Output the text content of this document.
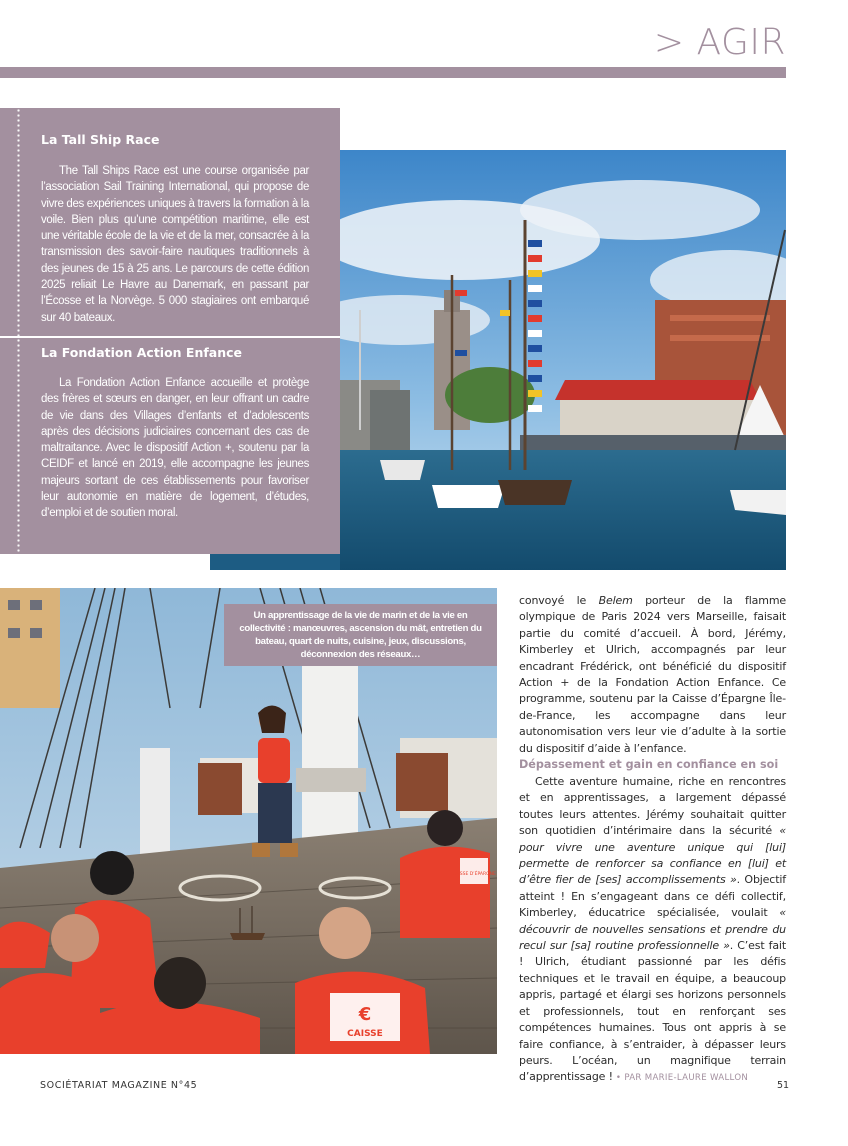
> AGIR
La Tall Ship Race

The Tall Ships Race est une course organisée par l’association Sail Training International, qui propose de vivre des expériences uniques à travers la formation à la voile. Bien plus qu’une compétition maritime, elle est une véritable école de la vie et de la mer, consacrée à la transmission des savoir-faire nautiques traditionnels à des jeunes de 15 à 25 ans. Le parcours de cette édition 2025 reliait Le Havre au Danemark, en passant par l’Écosse et la Norvège. 5 000 stagiaires ont embarqué sur 40 bateaux.

La Fondation Action Enfance

La Fondation Action Enfance accueille et protège des frères et sœurs en danger, en leur offrant un cadre de vie dans des Villages d’enfants et d’adolescents après des décisions judiciaires concernant des cas de maltraitance. Avec le dispositif Action +, soutenu par la CEIDF et lancé en 2019, elle accompagne les jeunes majeurs sortant de ces établissements pour favoriser leur autonomie en matière de logement, d’études, d’emploi et de soutien moral.

€
CAISSE
CAISSE D’ÉPARGNE
Un apprentissage de la vie de marin et de la vie en collectivité : manœuvres, ascension du mât, entretien du bateau, quart de nuits, cuisine, jeux, discussions, déconnexion des réseaux…

convoyé le Belem porteur de la flamme olympique de Paris 2024 vers Marseille, faisait partie du comité d’accueil. À bord, Jérémy, Kimberley et Ulrich, accompagnés par leur encadrant Frédérick, ont bénéficié du dispositif Action + de la Fondation Action Enfance. Ce programme, soutenu par la Caisse d’Épargne Île-de-France, les accompagne dans leur autonomisation vers leur vie d’adulte à la sortie du dispositif d’aide à l’enfance.

Dépassement et gain en confiance en soi

Cette aventure humaine, riche en rencontres et en apprentissages, a largement dépassé toutes leurs attentes. Jérémy souhaitait quitter son quotidien d’intérimaire dans la sécurité « pour vivre une aventure unique qui [lui] permette de renforcer sa confiance en [lui] et d’être fier de [ses] accomplissements ». Objectif atteint ! En s’engageant dans ce défi collectif, Kimberley, éducatrice spécialisée, voulait « découvrir de nouvelles sensations et prendre du recul sur [sa] routine professionnelle ». C’est fait ! Ulrich, étudiant passionné par les défis techniques et le travail en équipe, a beaucoup appris, partagé et élargi ses horizons personnels et professionnels, tout en renforçant ses compétences humaines. Tous ont appris à se faire confiance, à s’entraider, à dépasser leurs peurs. L’océan, un magnifique terrain d’apprentissage ! • PAR MARIE-LAURE WALLON

SOCIÉTARIAT MAGAZINE N°45	51
